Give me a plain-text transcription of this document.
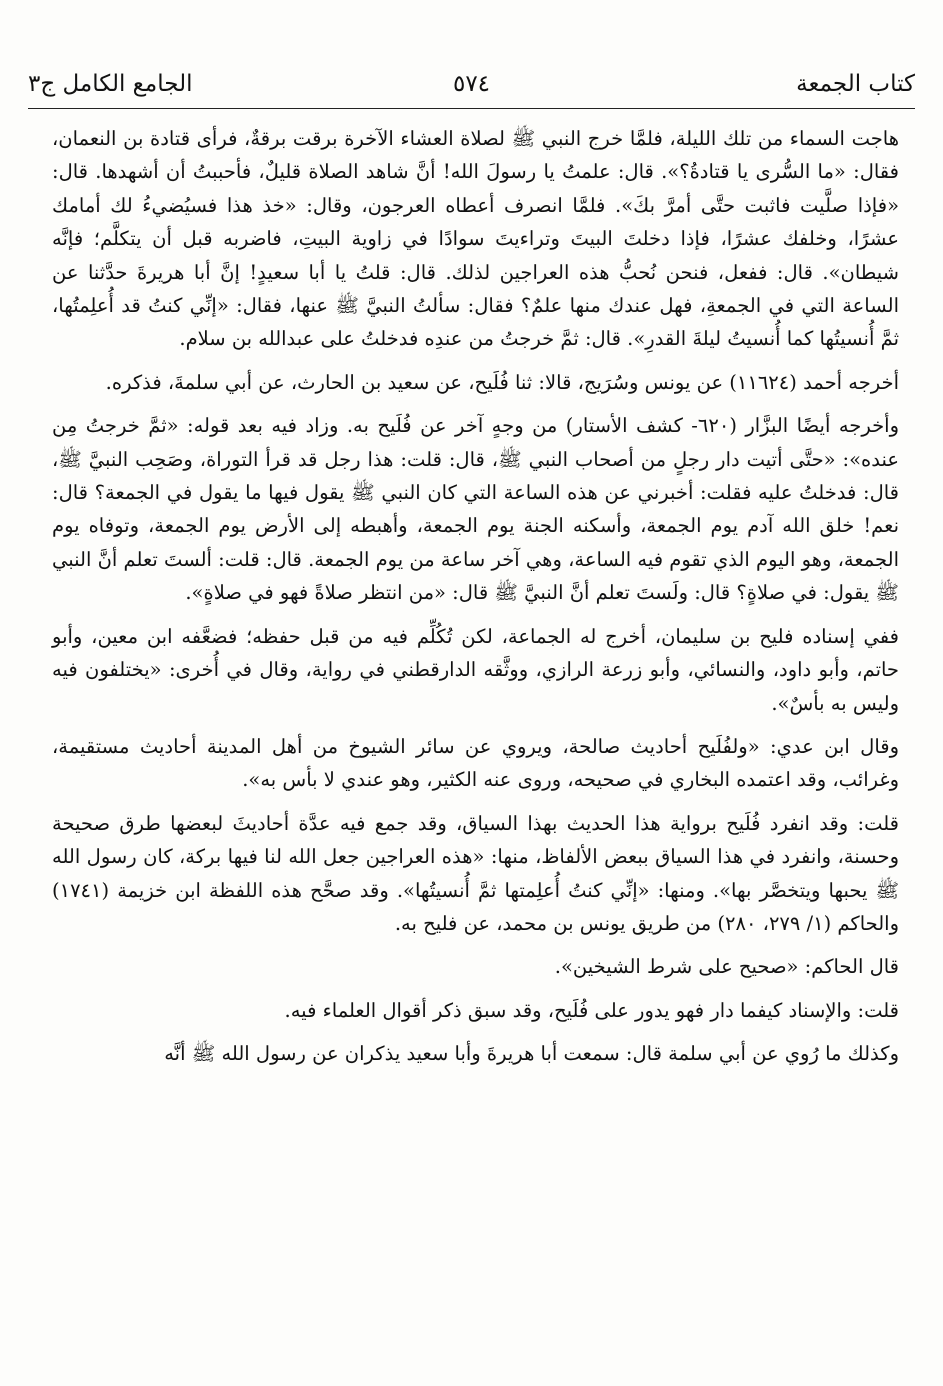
كتاب الجمعة
٥٧٤
الجامع الكامل ج٣

هاجت السماء من تلك الليلة، فلمَّا خرج النبي ﷺ لصلاة العشاء الآخرة برقت برقةٌ، فرأى قتادة بن النعمان، فقال: «ما السُّرى يا قتادةُ؟». قال: علمتُ يا رسولَ الله! أنَّ شاهد الصلاة قليلٌ، فأحببتُ أن أشهدها. قال: «فإذا صلَّيت فاثبت حتَّى أمرَّ بكَ». فلمَّا انصرف أعطاه العرجون، وقال: «خذ هذا فسيُضيءُ لك أمامك عشرًا، وخلفك عشرًا، فإذا دخلتَ البيتَ وتراءيتَ سوادًا في زاوية البيتِ، فاضربه قبل أن يتكلَّم؛ فإنَّه شيطان». قال: ففعل، فنحن نُحبُّ هذه العراجين لذلك. قال: قلتُ يا أبا سعيدٍ! إنَّ أبا هريرةَ حدَّثنا عن الساعة التي في الجمعةِ، فهل عندك منها علمٌ؟ فقال: سألتُ النبيَّ ﷺ عنها، فقال: «إنِّي كنتُ قد أُعلِمتُها، ثمَّ أُنسيتُها كما أُنسيتُ ليلةَ القدرِ». قال: ثمَّ خرجتُ من عندِه فدخلتُ على عبدالله بن سلام.

أخرجه أحمد (١١٦٢٤) عن يونس وسُرَيج، قالا: ثنا فُلَيح، عن سعيد بن الحارث، عن أبي سلمةَ، فذكره.

وأخرجه أيضًا البزَّار (٦٢٠- كشف الأستار) من وجهٍ آخر عن فُلَيح به. وزاد فيه بعد قوله: «ثمَّ خرجتُ مِن عنده»: «حتَّى أتيت دار رجلٍ من أصحاب النبي ﷺ، قال: قلت: هذا رجل قد قرأ التوراة، وصَحِب النبيَّ ﷺ، قال: فدخلتُ عليه فقلت: أخبرني عن هذه الساعة التي كان النبي ﷺ يقول فيها ما يقول في الجمعة؟ قال: نعم! خلق الله آدم يوم الجمعة، وأسكنه الجنة يوم الجمعة، وأهبطه إلى الأرض يوم الجمعة، وتوفاه يوم الجمعة، وهو اليوم الذي تقوم فيه الساعة، وهي آخر ساعة من يوم الجمعة. قال: قلت: ألستَ تعلم أنَّ النبي ﷺ يقول: في صلاةٍ؟ قال: ولَستَ تعلم أنَّ النبيَّ ﷺ قال: «من انتظر صلاةً فهو في صلاةٍ».

ففي إسناده فليح بن سليمان، أخرج له الجماعة، لكن تُكُلِّم فيه من قبل حفظه؛ فضعَّفه ابن معين، وأبو حاتم، وأبو داود، والنسائي، وأبو زرعة الرازي، ووثَّقه الدارقطني في رواية، وقال في أُخرى: «يختلفون فيه وليس به بأسٌ».

وقال ابن عدي: «ولفُلَيح أحاديث صالحة، ويروي عن سائر الشيوخ من أهل المدينة أحاديث مستقيمة، وغرائب، وقد اعتمده البخاري في صحيحه، وروى عنه الكثير، وهو عندي لا بأس به».

قلت: وقد انفرد فُلَيح برواية هذا الحديث بهذا السياق، وقد جمع فيه عدَّة أحاديثَ لبعضها طرق صحيحة وحسنة، وانفرد في هذا السياق ببعض الألفاظ، منها: «هذه العراجين جعل الله لنا فيها بركة، كان رسول الله ﷺ يحبها ويتخصَّر بها». ومنها: «إنِّي كنتُ أُعلِمتها ثمَّ أُنسيتُها». وقد صحَّح هذه اللفظة ابن خزيمة (١٧٤١) والحاكم (١/ ٢٧٩، ٢٨٠) من طريق يونس بن محمد، عن فليح به.

قال الحاكم: «صحيح على شرط الشيخين».

قلت: والإسناد كيفما دار فهو يدور على فُلَيح، وقد سبق ذكر أقوال العلماء فيه.

وكذلك ما رُوي عن أبي سلمة قال: سمعت أبا هريرةَ وأبا سعيد يذكران عن رسول الله ﷺ أنَّه
